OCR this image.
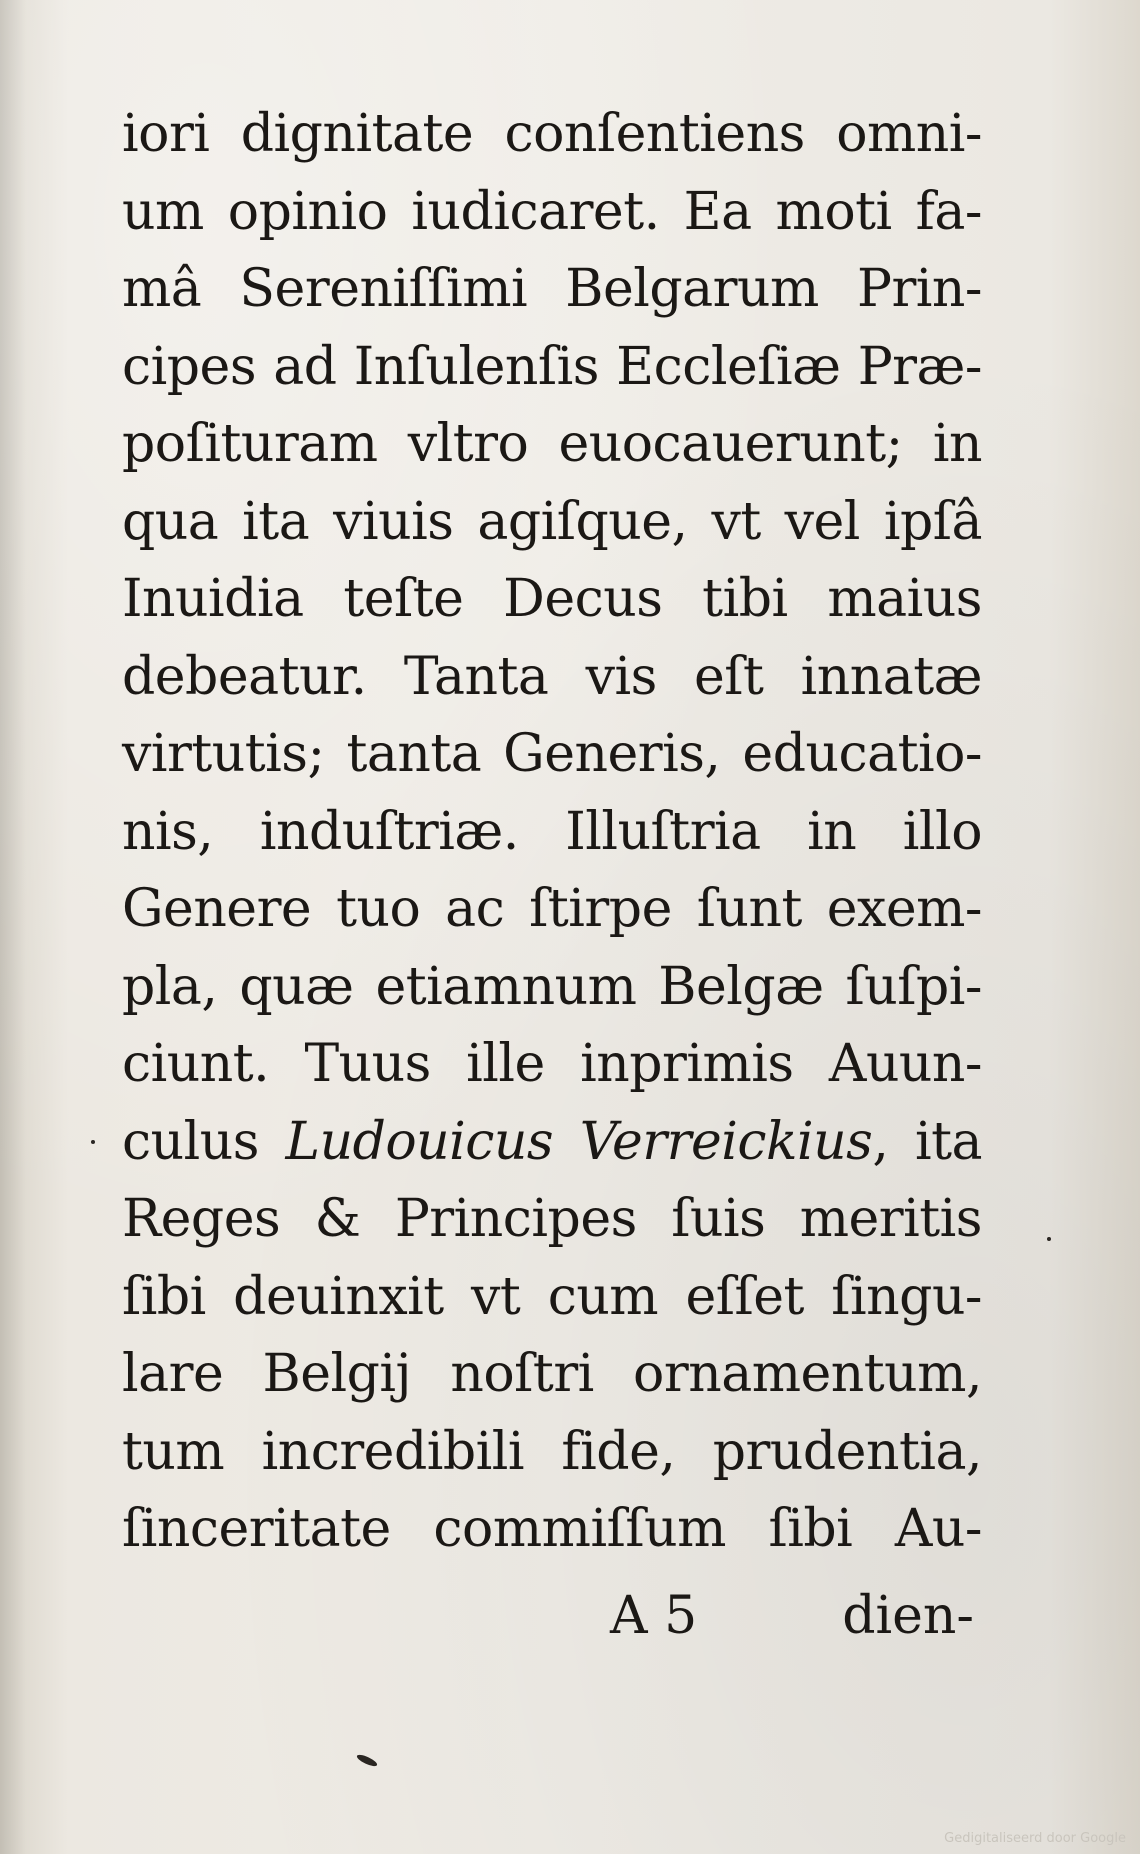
iori dignitate conſentiens omni-
um opinio iudicaret. Ea moti fa-
mâ Sereniſſimi Belgarum Prin-
cipes ad Inſulenſis Eccleſiæ Præ-
poſituram vltro euocauerunt; in
qua ita viuis agiſque, vt vel ipſâ
Inuidia teſte Decus tibi maius
debeatur. Tanta vis eſt innatæ
virtutis; tanta Generis, educatio-
nis, induſtriæ. Illuſtria in illo
Genere tuo ac ſtirpe ſunt exem-
pla, quæ etiamnum Belgæ ſuſpi-
ciunt. Tuus ille inprimis Auun-
culus Ludouicus Verreickius, ita
Reges & Principes ſuis meritis
ſibi deuinxit vt cum eſſet ſingu-
lare Belgij noſtri ornamentum,
tum incredibili fide, prudentia,
ſinceritate commiſſum ſibi Au-
A 5	dien-
Gedigitaliseerd door Google
